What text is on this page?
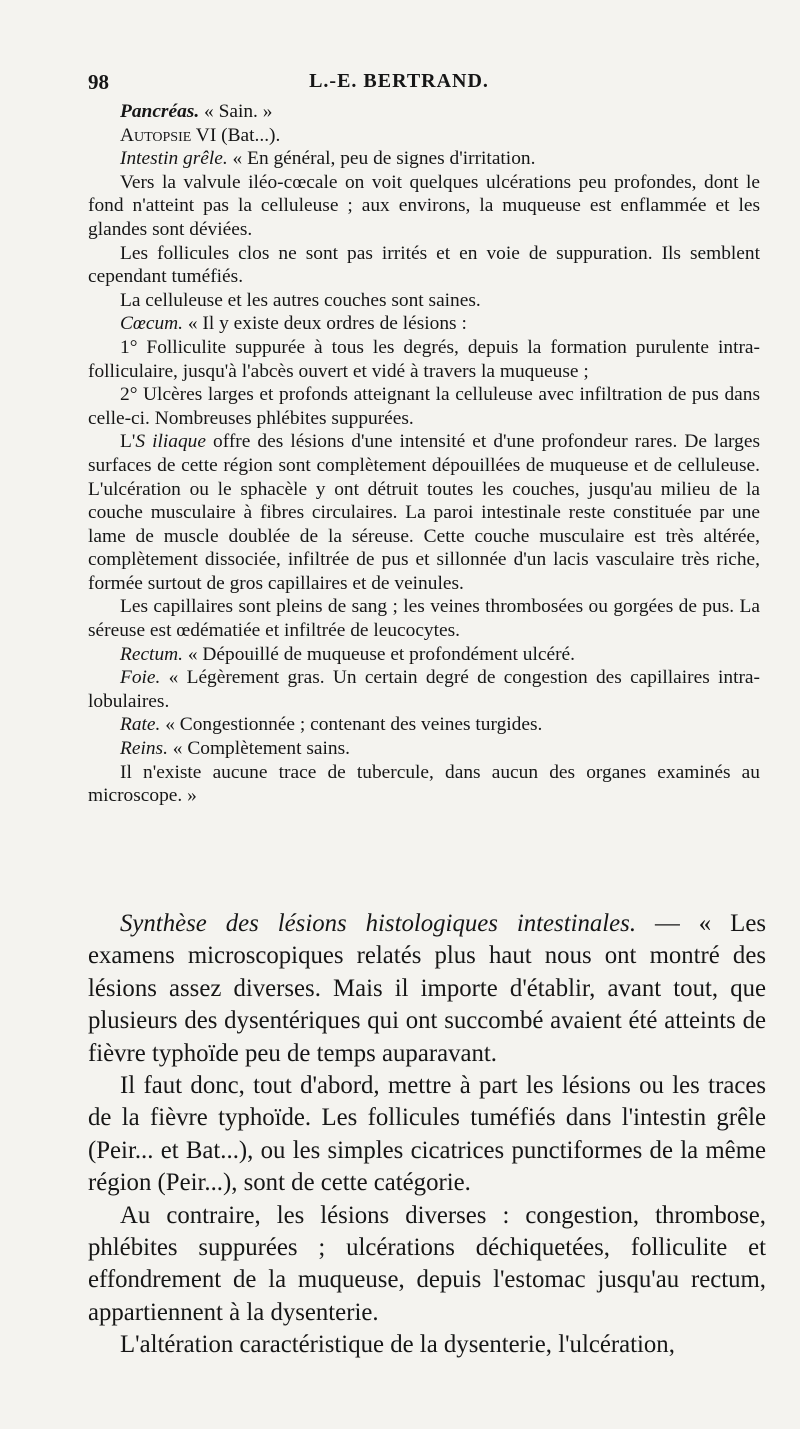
98	L.-E. BERTRAND.

Pancréas. « Sain. »

Autopsie VI (Bat...).

Intestin grêle. « En général, peu de signes d'irritation.

Vers la valvule iléo-cœcale on voit quelques ulcérations peu profondes, dont le fond n'atteint pas la celluleuse ; aux environs, la muqueuse est enflammée et les glandes sont déviées.

Les follicules clos ne sont pas irrités et en voie de suppuration. Ils semblent cependant tuméfiés.

La celluleuse et les autres couches sont saines.

Cœcum. « Il y existe deux ordres de lésions :

1° Folliculite suppurée à tous les degrés, depuis la formation purulente intra-folliculaire, jusqu'à l'abcès ouvert et vidé à travers la muqueuse ;

2° Ulcères larges et profonds atteignant la celluleuse avec infiltration de pus dans celle-ci. Nombreuses phlébites suppurées.

L'S iliaque offre des lésions d'une intensité et d'une profondeur rares. De larges surfaces de cette région sont complètement dépouillées de muqueuse et de celluleuse. L'ulcération ou le sphacèle y ont détruit toutes les couches, jusqu'au milieu de la couche musculaire à fibres circulaires. La paroi intestinale reste constituée par une lame de muscle doublée de la séreuse. Cette couche musculaire est très altérée, complètement dissociée, infiltrée de pus et sillonnée d'un lacis vasculaire très riche, formée surtout de gros capillaires et de veinules.

Les capillaires sont pleins de sang ; les veines thrombosées ou gorgées de pus. La séreuse est œdématiée et infiltrée de leucocytes.

Rectum. « Dépouillé de muqueuse et profondément ulcéré.

Foie. « Légèrement gras. Un certain degré de congestion des capillaires intra-lobulaires.

Rate. « Congestionnée ; contenant des veines turgides.

Reins. « Complètement sains.

Il n'existe aucune trace de tubercule, dans aucun des organes examinés au microscope. »

Synthèse des lésions histologiques intestinales. — « Les examens microscopiques relatés plus haut nous ont montré des lésions assez diverses. Mais il importe d'établir, avant tout, que plusieurs des dysentériques qui ont succombé avaient été atteints de fièvre typhoïde peu de temps auparavant.

Il faut donc, tout d'abord, mettre à part les lésions ou les traces de la fièvre typhoïde. Les follicules tuméfiés dans l'intestin grêle (Peir... et Bat...), ou les simples cicatrices punctiformes de la même région (Peir...), sont de cette catégorie.

Au contraire, les lésions diverses : congestion, thrombose, phlébites suppurées ; ulcérations déchiquetées, folliculite et effondrement de la muqueuse, depuis l'estomac jusqu'au rectum, appartiennent à la dysenterie.

L'altération caractéristique de la dysenterie, l'ulcération,
